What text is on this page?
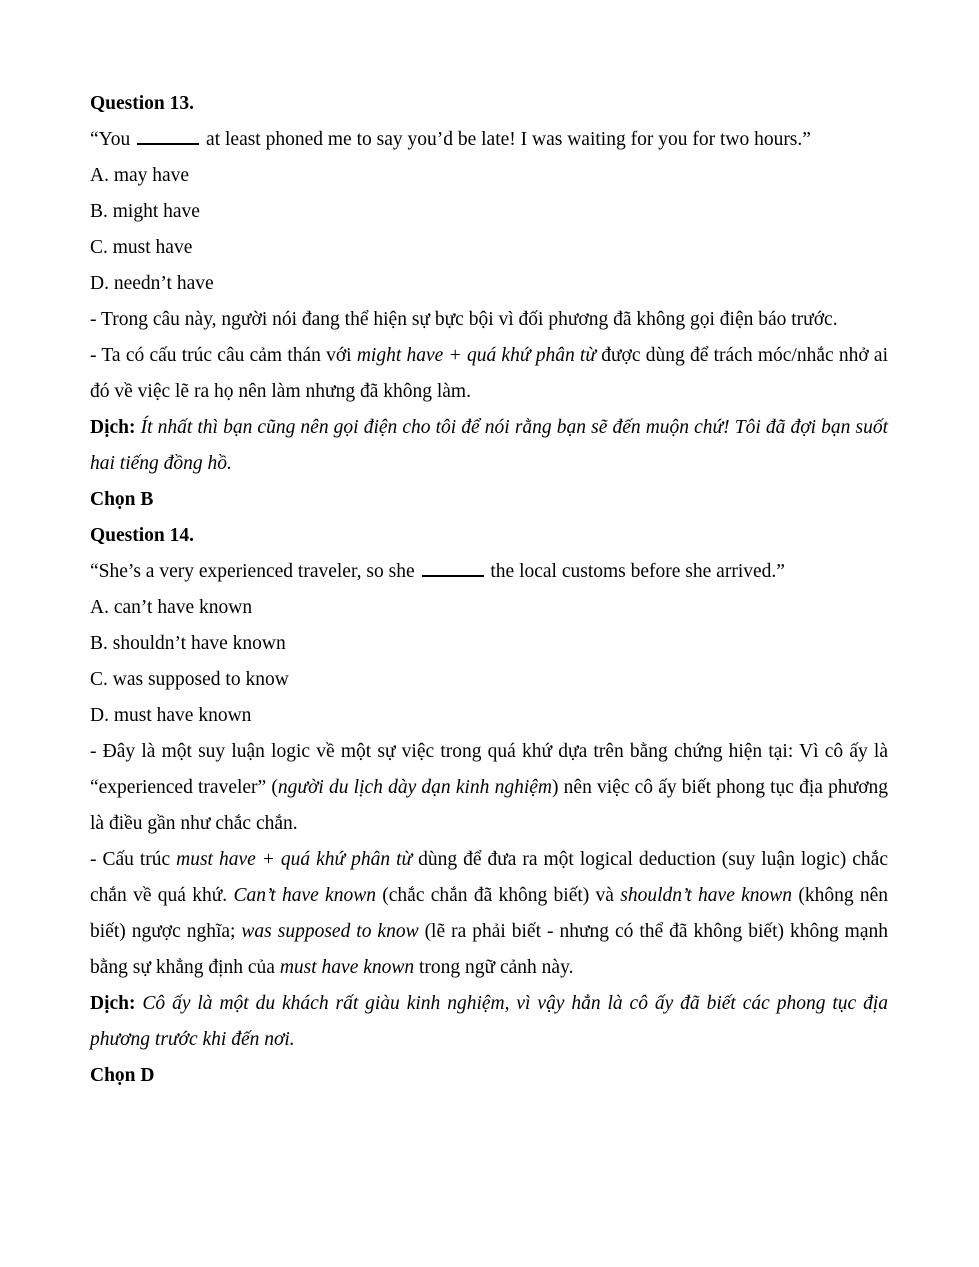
Question 13.
“You	at least phoned me to say you’d be late! I was waiting for you for two hours.”
A. may have
B. might have
C. must have
D. needn’t have
- Trong câu này, người nói đang thể hiện sự bực bội vì đối phương đã không gọi điện báo trước.
- Ta có cấu trúc câu cảm thán với might have + quá khứ phân từ được dùng để trách móc/nhắc nhở ai đó về việc lẽ ra họ nên làm nhưng đã không làm.
Dịch: Ít nhất thì bạn cũng nên gọi điện cho tôi để nói rằng bạn sẽ đến muộn chứ! Tôi đã đợi bạn suốt hai tiếng đồng hồ.
Chọn B
Question 14.
“She’s a very experienced traveler, so she	the local customs before she arrived.”
A. can’t have known
B. shouldn’t have known
C. was supposed to know
D. must have known
- Đây là một suy luận logic về một sự việc trong quá khứ dựa trên bằng chứng hiện tại: Vì cô ấy là “experienced traveler” (người du lịch dày dạn kinh nghiệm) nên việc cô ấy biết phong tục địa phương là điều gần như chắc chắn.
- Cấu trúc must have + quá khứ phân từ dùng để đưa ra một logical deduction (suy luận logic) chắc chắn về quá khứ. Can’t have known (chắc chắn đã không biết) và shouldn’t have known (không nên biết) ngược nghĩa; was supposed to know (lẽ ra phải biết - nhưng có thể đã không biết) không mạnh bằng sự khẳng định của must have known trong ngữ cảnh này.
Dịch: Cô ấy là một du khách rất giàu kinh nghiệm, vì vậy hẳn là cô ấy đã biết các phong tục địa phương trước khi đến nơi.
Chọn D
